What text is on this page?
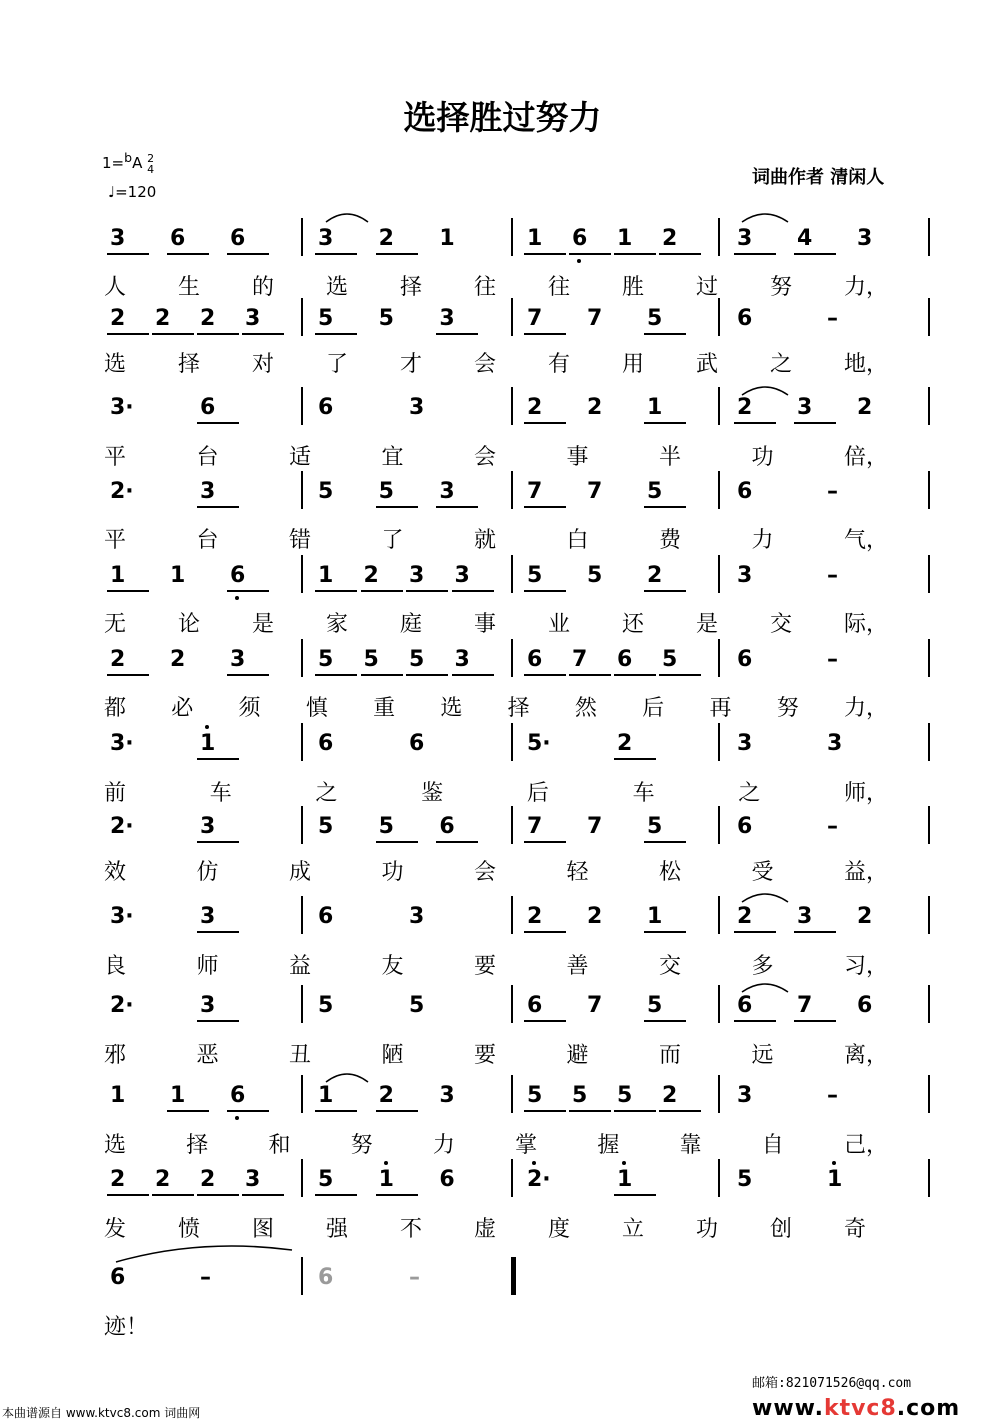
选择胜过努力
1=$^b$A 2
4
♩=120
词曲作者 清闲人
邮箱:821071526@qq.com
本曲谱源自 www.ktvc8.com 词曲网	www.ktvc8.com
3 6 6	3 2 1	1 6 1 2	3 4 3
人 生 的 选 择 往 往 胜 过 努 力，
2 2 2 3	5 5 3	7 7 5	6	–
选 择 对 了 才 会 有 用 武 之 地，
3·	6	6	3	2 2 1	2 3 2
平	台	适	宜	会	事	半	功	倍，
2·	3	5 5 3	7 7 5	6	–
平	台	错	了	就	白	费	力	气，
1 1 6	1 2 3 3	5 5 2	3	–
无 论 是 家 庭 事 业 还 是 交 际，
2 2 3	5 5 5 3	6 7 6 5	6	–
都 必 须 慎 重 选 择 然 后 再 努 力，
3·	1	6	6	5·	2	3	3
前	车	之	鉴	后	车	之	师，
2·	3	5 5 6	7 7 5	6	–
效	仿	成	功	会	轻	松	受	益，
3·	3	6	3	2 2 1	2 3 2
良	师	益	友	要	善	交	多	习，
2·	3	5	5	6 7 5	6 7 6
邪	恶	丑	陋	要	避	而	远	离，
1 1 6	1 2 3	5 5 5 2	3	–
选	择	和	努	力	掌	握	靠	自	己，
2 2 2 3	5 1 6	2·	1	5	1
发 愤 图 强 不 虚 度 立 功 创 奇
6	–	6	–
迹！
